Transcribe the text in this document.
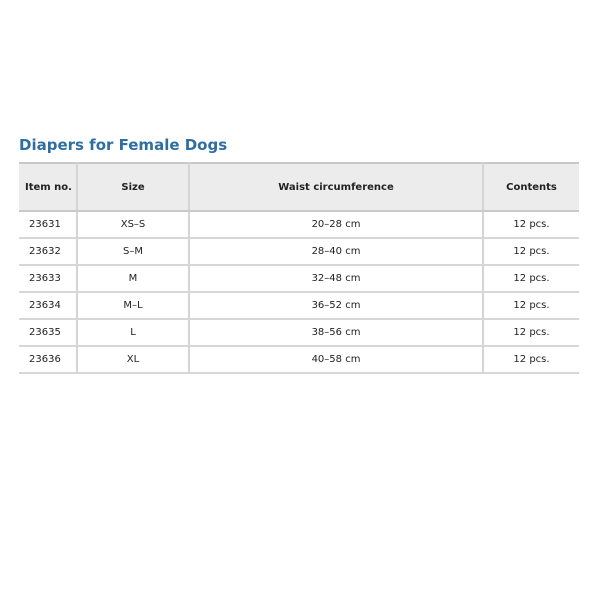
Diapers for Female Dogs
Item no.	Size	Waist circumference	Contents
23631	XS–S	20–28 cm	12 pcs.
23632	S–M	28–40 cm	12 pcs.
23633	M	32–48 cm	12 pcs.
23634	M–L	36–52 cm	12 pcs.
23635	L	38–56 cm	12 pcs.
23636	XL	40–58 cm	12 pcs.
